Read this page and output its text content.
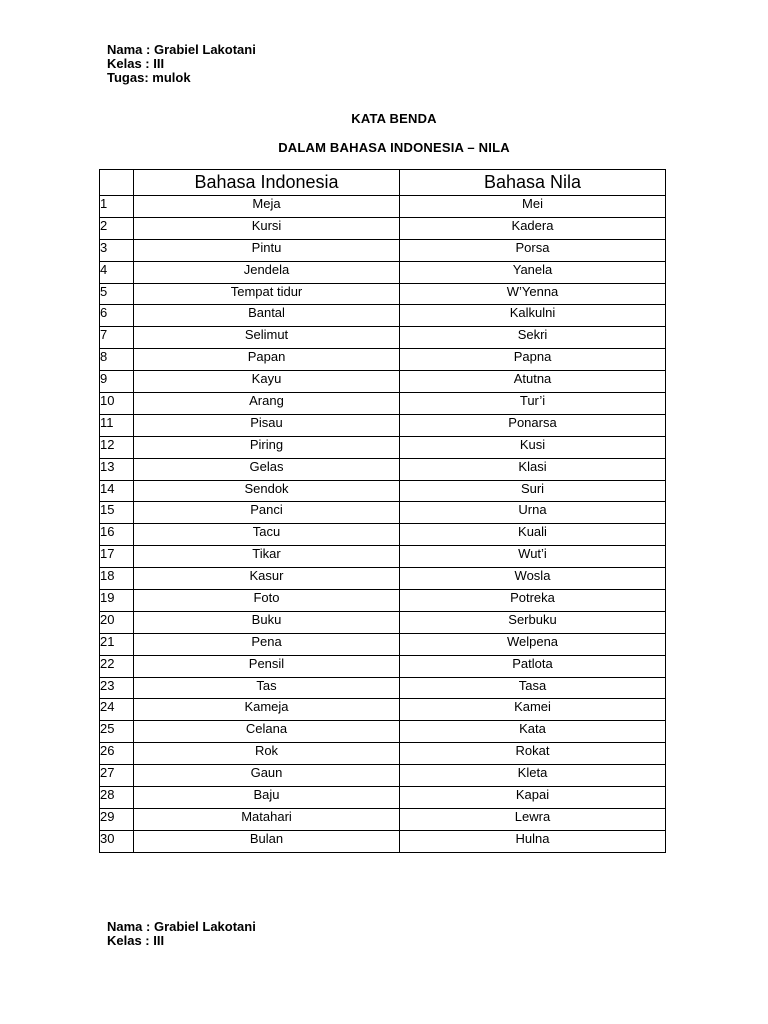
Nama : Grabiel Lakotani
Kelas : III
Tugas: mulok
KATA BENDA
DALAM BAHASA INDONESIA – NILA
	Bahasa Indonesia	Bahasa Nila
1	Meja	Mei
2	Kursi	Kadera
3	Pintu	Porsa
4	Jendela	Yanela
5	Tempat tidur	W’Yenna
6	Bantal	Kalkulni
7	Selimut	Sekri
8	Papan	Papna
9	Kayu	Atutna
10	Arang	Tur’i
11	Pisau	Ponarsa
12	Piring	Kusi
13	Gelas	Klasi
14	Sendok	Suri
15	Panci	Urna
16	Tacu	Kuali
17	Tikar	Wut’i
18	Kasur	Wosla
19	Foto	Potreka
20	Buku	Serbuku
21	Pena	Welpena
22	Pensil	Patlota
23	Tas	Tasa
24	Kameja	Kamei
25	Celana	Kata
26	Rok	Rokat
27	Gaun	Kleta
28	Baju	Kapai
29	Matahari	Lewra
30	Bulan	Hulna
Nama : Grabiel Lakotani
Kelas : III
